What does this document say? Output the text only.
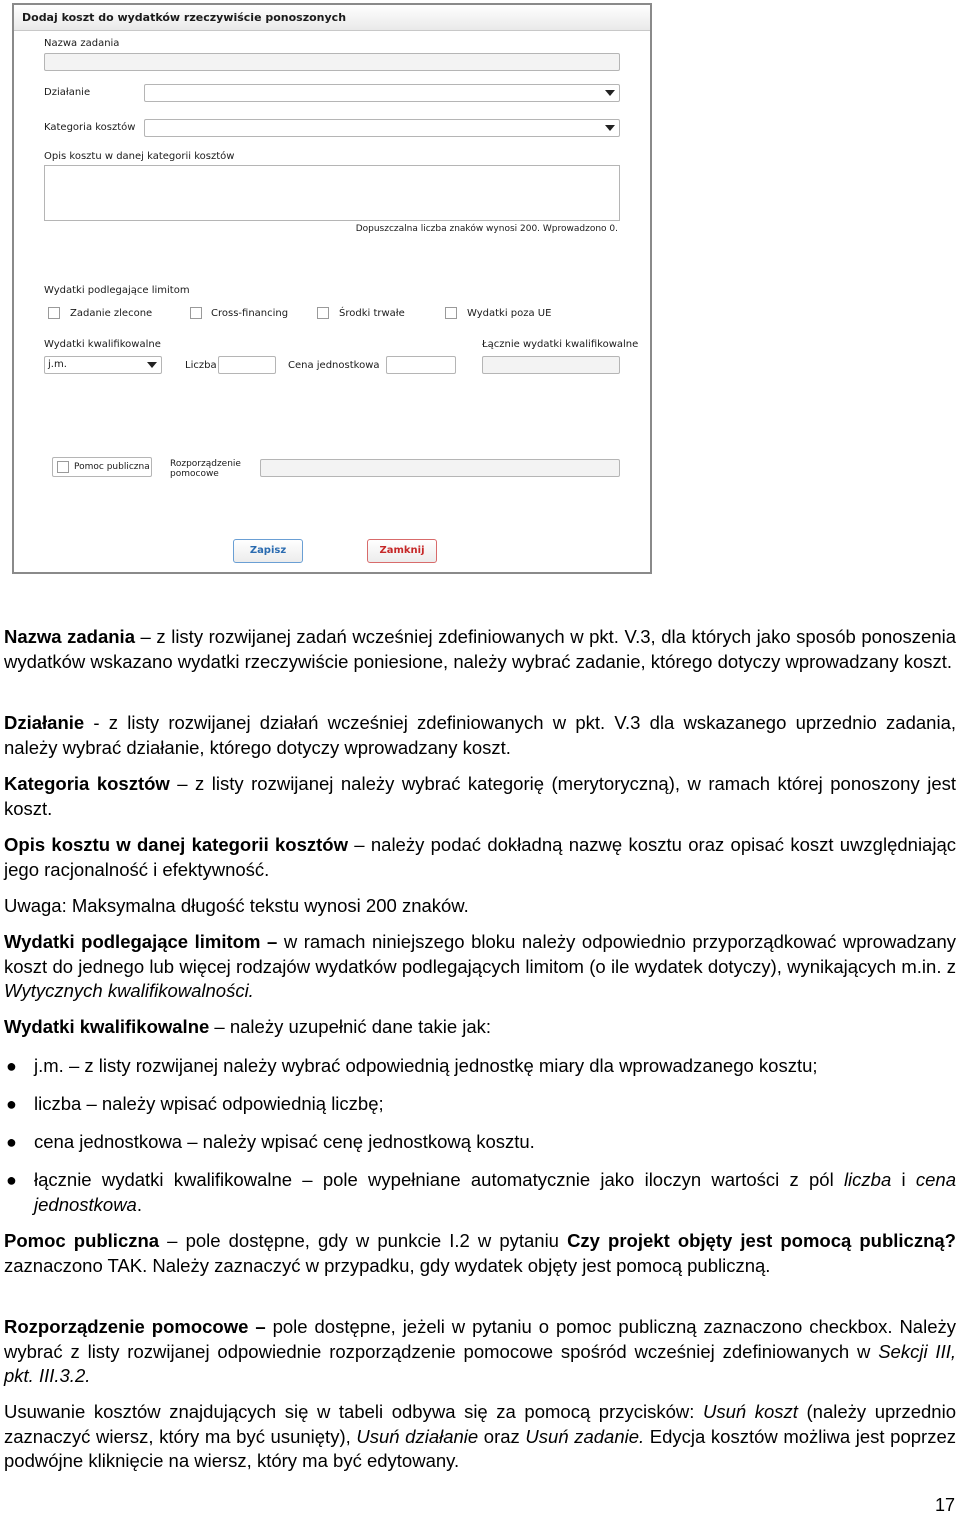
Dodaj koszt do wydatków rzeczywiście ponoszonych
Nazwa zadania
Działanie
Kategoria kosztów
Opis kosztu w danej kategorii kosztów
Dopuszczalna liczba znaków wynosi 200. Wprowadzono 0.
Wydatki podlegające limitom
Zadanie zlecone	Cross-financing	Środki trwałe	Wydatki poza UE
Wydatki kwalifikowalne	Łącznie wydatki kwalifikowalne
j.m.	Liczba	Cena jednostkowa
Pomoc publiczna Rozporządzenie
pomocowe
Zapisz	Zamknij

Nazwa zadania – z listy rozwijanej zadań wcześniej zdefiniowanych w pkt. V.3, dla których jako sposób ponoszenia wydatków wskazano wydatki rzeczywiście poniesione, należy wybrać zadanie, którego dotyczy wprowadzany koszt.

Działanie - z listy rozwijanej działań wcześniej zdefiniowanych w pkt. V.3 dla wskazanego uprzednio zadania, należy wybrać działanie, którego dotyczy wprowadzany koszt.

Kategoria kosztów – z listy rozwijanej należy wybrać kategorię (merytoryczną), w ramach której ponoszony jest koszt.

Opis kosztu w danej kategorii kosztów – należy podać dokładną nazwę kosztu oraz opisać koszt uwzględniając jego racjonalność i efektywność.

Uwaga: Maksymalna długość tekstu wynosi 200 znaków.

Wydatki podlegające limitom – w ramach niniejszego bloku należy odpowiednio przyporządkować wprowadzany koszt do jednego lub więcej rodzajów wydatków podlegających limitom (o ile wydatek dotyczy), wynikających m.in. z Wytycznych kwalifikowalności.

Wydatki kwalifikowalne – należy uzupełnić dane takie jak:

● j.m. – z listy rozwijanej należy wybrać odpowiednią jednostkę miary dla wprowadzanego kosztu;
● liczba – należy wpisać odpowiednią liczbę;
● cena jednostkowa – należy wpisać cenę jednostkową kosztu.
● łącznie wydatki kwalifikowalne – pole wypełniane automatycznie jako iloczyn wartości z pól liczba i cena jednostkowa.

Pomoc publiczna – pole dostępne, gdy w punkcie I.2 w pytaniu Czy projekt objęty jest pomocą publiczną? zaznaczono TAK. Należy zaznaczyć w przypadku, gdy wydatek objęty jest pomocą publiczną.

Rozporządzenie pomocowe – pole dostępne, jeżeli w pytaniu o pomoc publiczną zaznaczono checkbox. Należy wybrać z listy rozwijanej odpowiednie rozporządzenie pomocowe spośród wcześniej zdefiniowanych w Sekcji III, pkt. III.3.2.

Usuwanie kosztów znajdujących się w tabeli odbywa się za pomocą przycisków: Usuń koszt (należy uprzednio zaznaczyć wiersz, który ma być usunięty), Usuń działanie oraz Usuń zadanie. Edycja kosztów możliwa jest poprzez podwójne kliknięcie na wiersz, który ma być edytowany.

17
